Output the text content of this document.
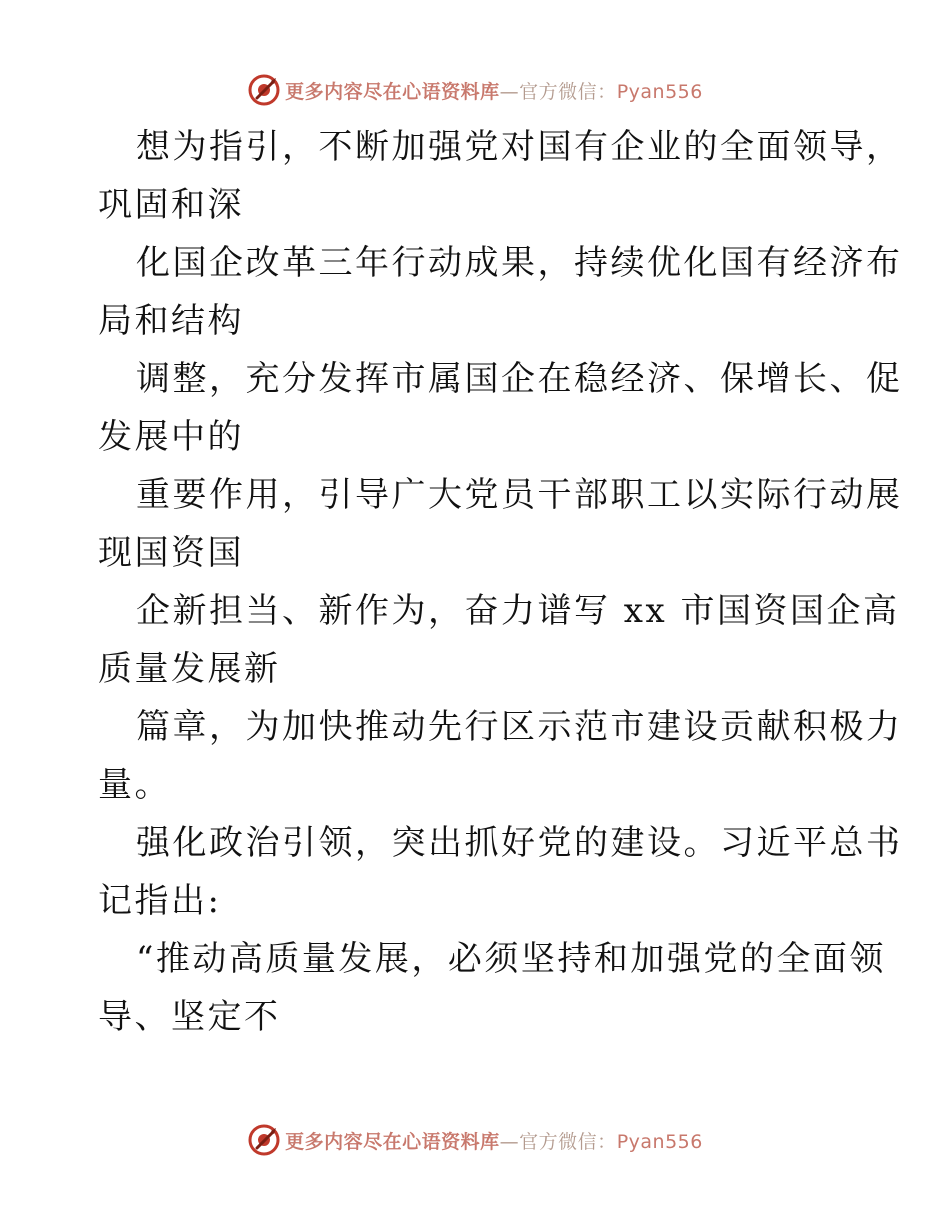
更多内容尽在心语资料库—官方微信：Pyan556

想为指引，不断加强党对国有企业的全面领导，
巩固和深

化国企改革三年行动成果，持续优化国有经济布
局和结构

调整，充分发挥市属国企在稳经济、保增长、促
发展中的

重要作用，引导广大党员干部职工以实际行动展
现国资国

企新担当、新作为，奋力谱写 xx 市国资国企高
质量发展新

篇章，为加快推动先行区示范市建设贡献积极力
量。

强化政治引领，突出抓好党的建设。习近平总书
记指出:

“推动高质量发展，必须坚持和加强党的全面领
导、坚定不

更多内容尽在心语资料库—官方微信：Pyan556
